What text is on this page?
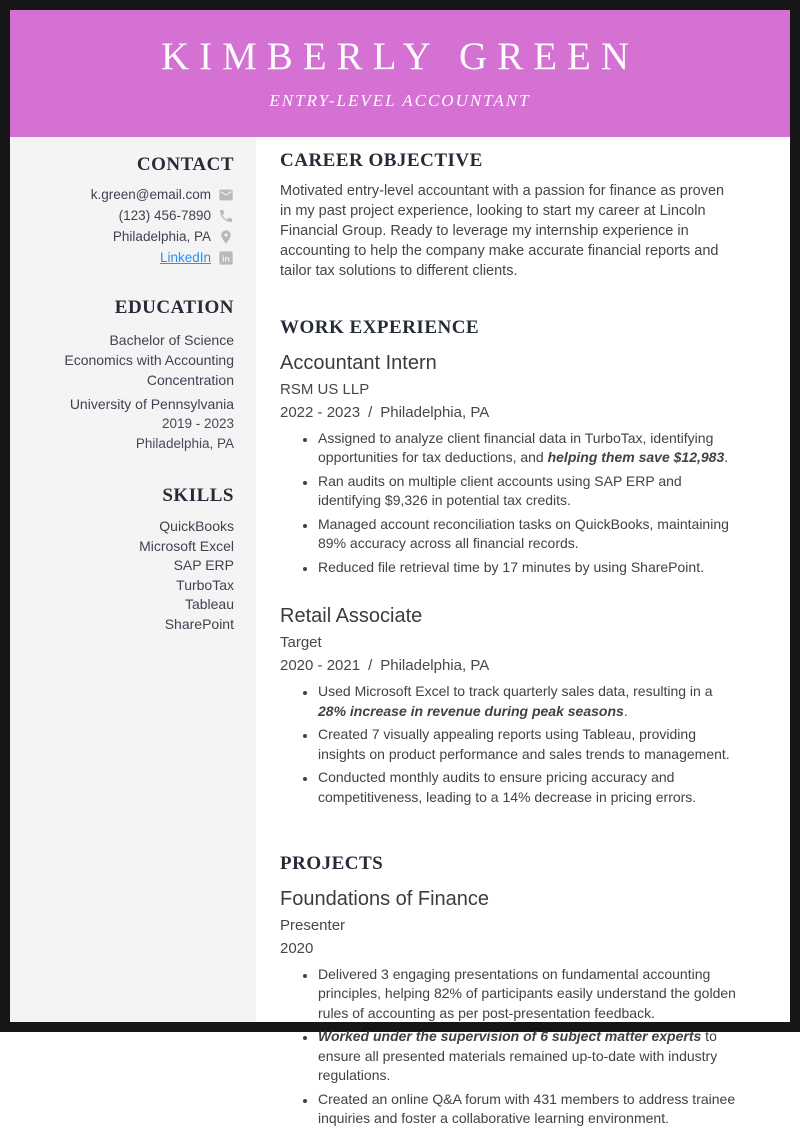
KIMBERLY GREEN
ENTRY-LEVEL ACCOUNTANT
CONTACT
k.green@email.com
(123) 456-7890
Philadelphia, PA
LinkedIn in
EDUCATION
Bachelor of Science
Economics with Accounting Concentration
University of Pennsylvania
2019 - 2023
Philadelphia, PA
SKILLS
QuickBooks
Microsoft Excel
SAP ERP
TurboTax
Tableau
SharePoint
CAREER OBJECTIVE

Motivated entry-level accountant with a passion for finance as proven in my past project experience, looking to start my career at Lincoln Financial Group. Ready to leverage my internship experience in accounting to help the company make accurate financial reports and tailor tax solutions to different clients.

WORK EXPERIENCE
Accountant Intern
RSM US LLP
2022 - 2023 / Philadelphia, PA
• Assigned to analyze client financial data in TurboTax, identifying opportunities for tax deductions, and helping them save $12,983.
• Ran audits on multiple client accounts using SAP ERP and identifying $9,326 in potential tax credits.
• Managed account reconciliation tasks on QuickBooks, maintaining 89% accuracy across all financial records.
• Reduced file retrieval time by 17 minutes by using SharePoint.
Retail Associate
Target
2020 - 2021 / Philadelphia, PA
• Used Microsoft Excel to track quarterly sales data, resulting in a 28% increase in revenue during peak seasons.
• Created 7 visually appealing reports using Tableau, providing insights on product performance and sales trends to management.
• Conducted monthly audits to ensure pricing accuracy and competitiveness, leading to a 14% decrease in pricing errors.
PROJECTS
Foundations of Finance
Presenter
2020
• Delivered 3 engaging presentations on fundamental accounting principles, helping 82% of participants easily understand the golden rules of accounting as per post-presentation feedback.
• Worked under the supervision of 6 subject matter experts to ensure all presented materials remained up-to-date with industry regulations.
• Created an online Q&A forum with 431 members to address trainee inquiries and foster a collaborative learning environment.
